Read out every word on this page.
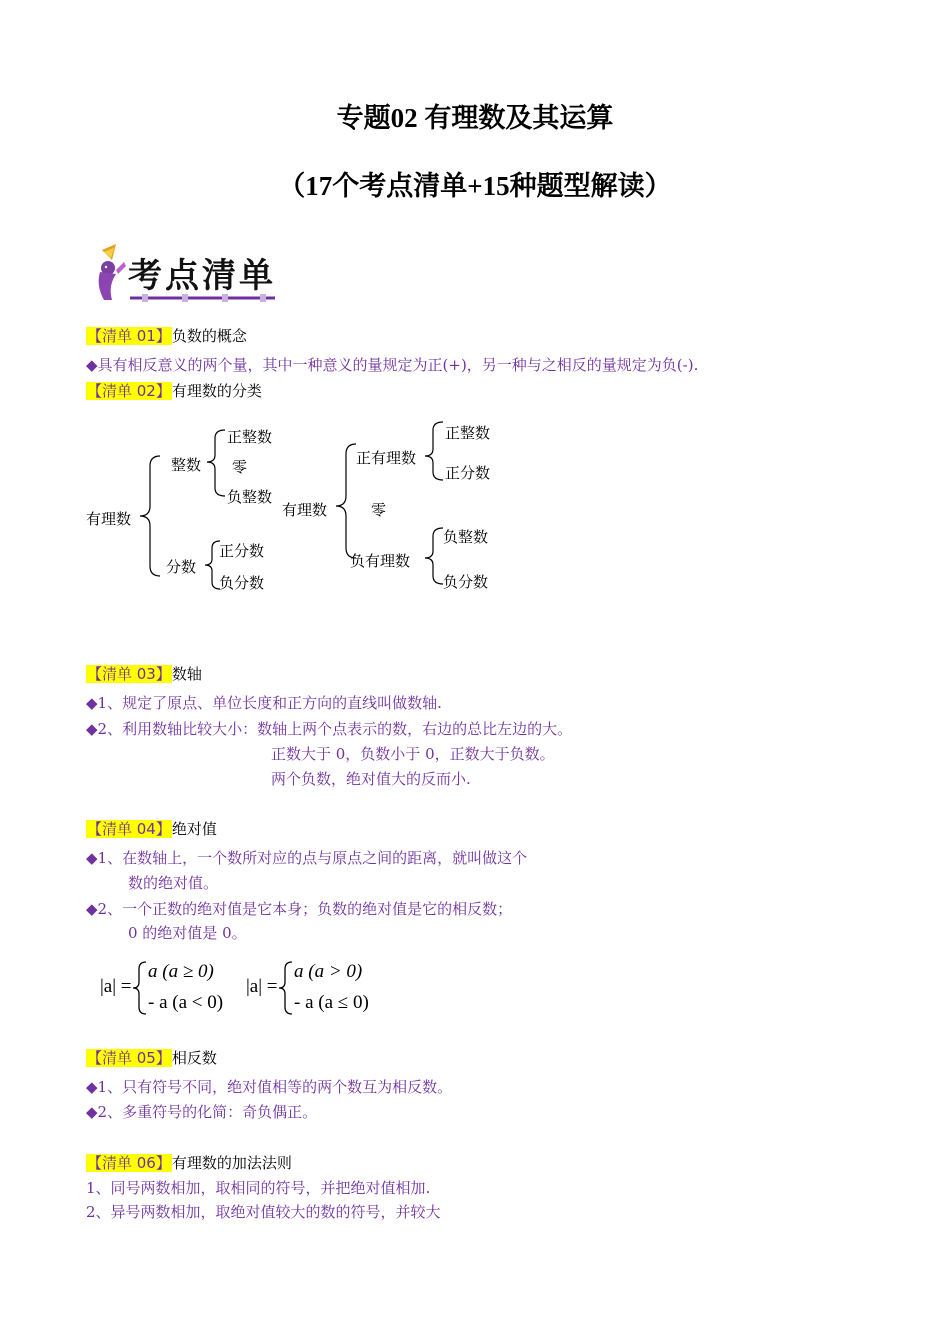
专题02 有理数及其运算
（17个考点清单+15种题型解读）
考点清单
【清单 01】负数的概念
◆具有相反意义的两个量，其中一种意义的量规定为正(+)，另一种与之相反的量规定为负(-).
【清单 02】有理数的分类
有理数
整数
分数
正整数
零
负整数
正分数
负分数
有理数
正有理数
零
负有理数
正整数
正分数
负整数
负分数
【清单 03】数轴
◆1、规定了原点、单位长度和正方向的直线叫做数轴.
◆2、利用数轴比较大小：数轴上两个点表示的数，右边的总比左边的大。
正数大于 0，负数小于 0，正数大于负数。
两个负数，绝对值大的反而小.
【清单 04】绝对值
◆1、在数轴上，一个数所对应的点与原点之间的距离，就叫做这个
数的绝对值。
◆2、一个正数的绝对值是它本身；负数的绝对值是它的相反数；
0 的绝对值是 0。
|a| =
a (a ≥ 0)
- a (a < 0)
|a| =
a (a > 0)
- a (a ≤ 0)
【清单 05】相反数
◆1、只有符号不同，绝对值相等的两个数互为相反数。
◆2、多重符号的化简：奇负偶正。
【清单 06】有理数的加法法则
1、同号两数相加，取相同的符号，并把绝对值相加.
2、异号两数相加，取绝对值较大的数的符号，并较大
